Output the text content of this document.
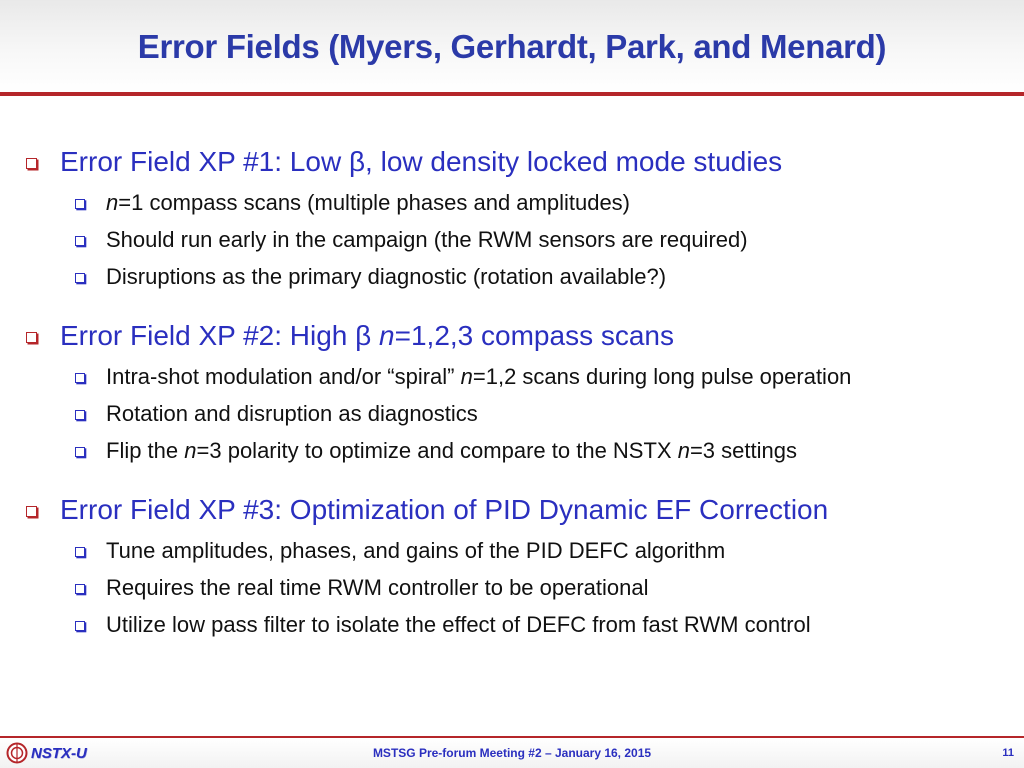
Error Fields (Myers, Gerhardt, Park, and Menard)
Error Field XP #1: Low β, low density locked mode studies
n=1 compass scans (multiple phases and amplitudes)
Should run early in the campaign (the RWM sensors are required)
Disruptions as the primary diagnostic (rotation available?)
Error Field XP #2: High β n=1,2,3 compass scans
Intra-shot modulation and/or “spiral” n=1,2 scans during long pulse operation
Rotation and disruption as diagnostics
Flip the n=3 polarity to optimize and compare to the NSTX n=3 settings
Error Field XP #3: Optimization of PID Dynamic EF Correction
Tune amplitudes, phases, and gains of the PID DEFC algorithm
Requires the real time RWM controller to be operational
Utilize low pass filter to isolate the effect of DEFC from fast RWM control
NSTX-U	MSTSG Pre-forum Meeting #2 – January 16, 2015	11
